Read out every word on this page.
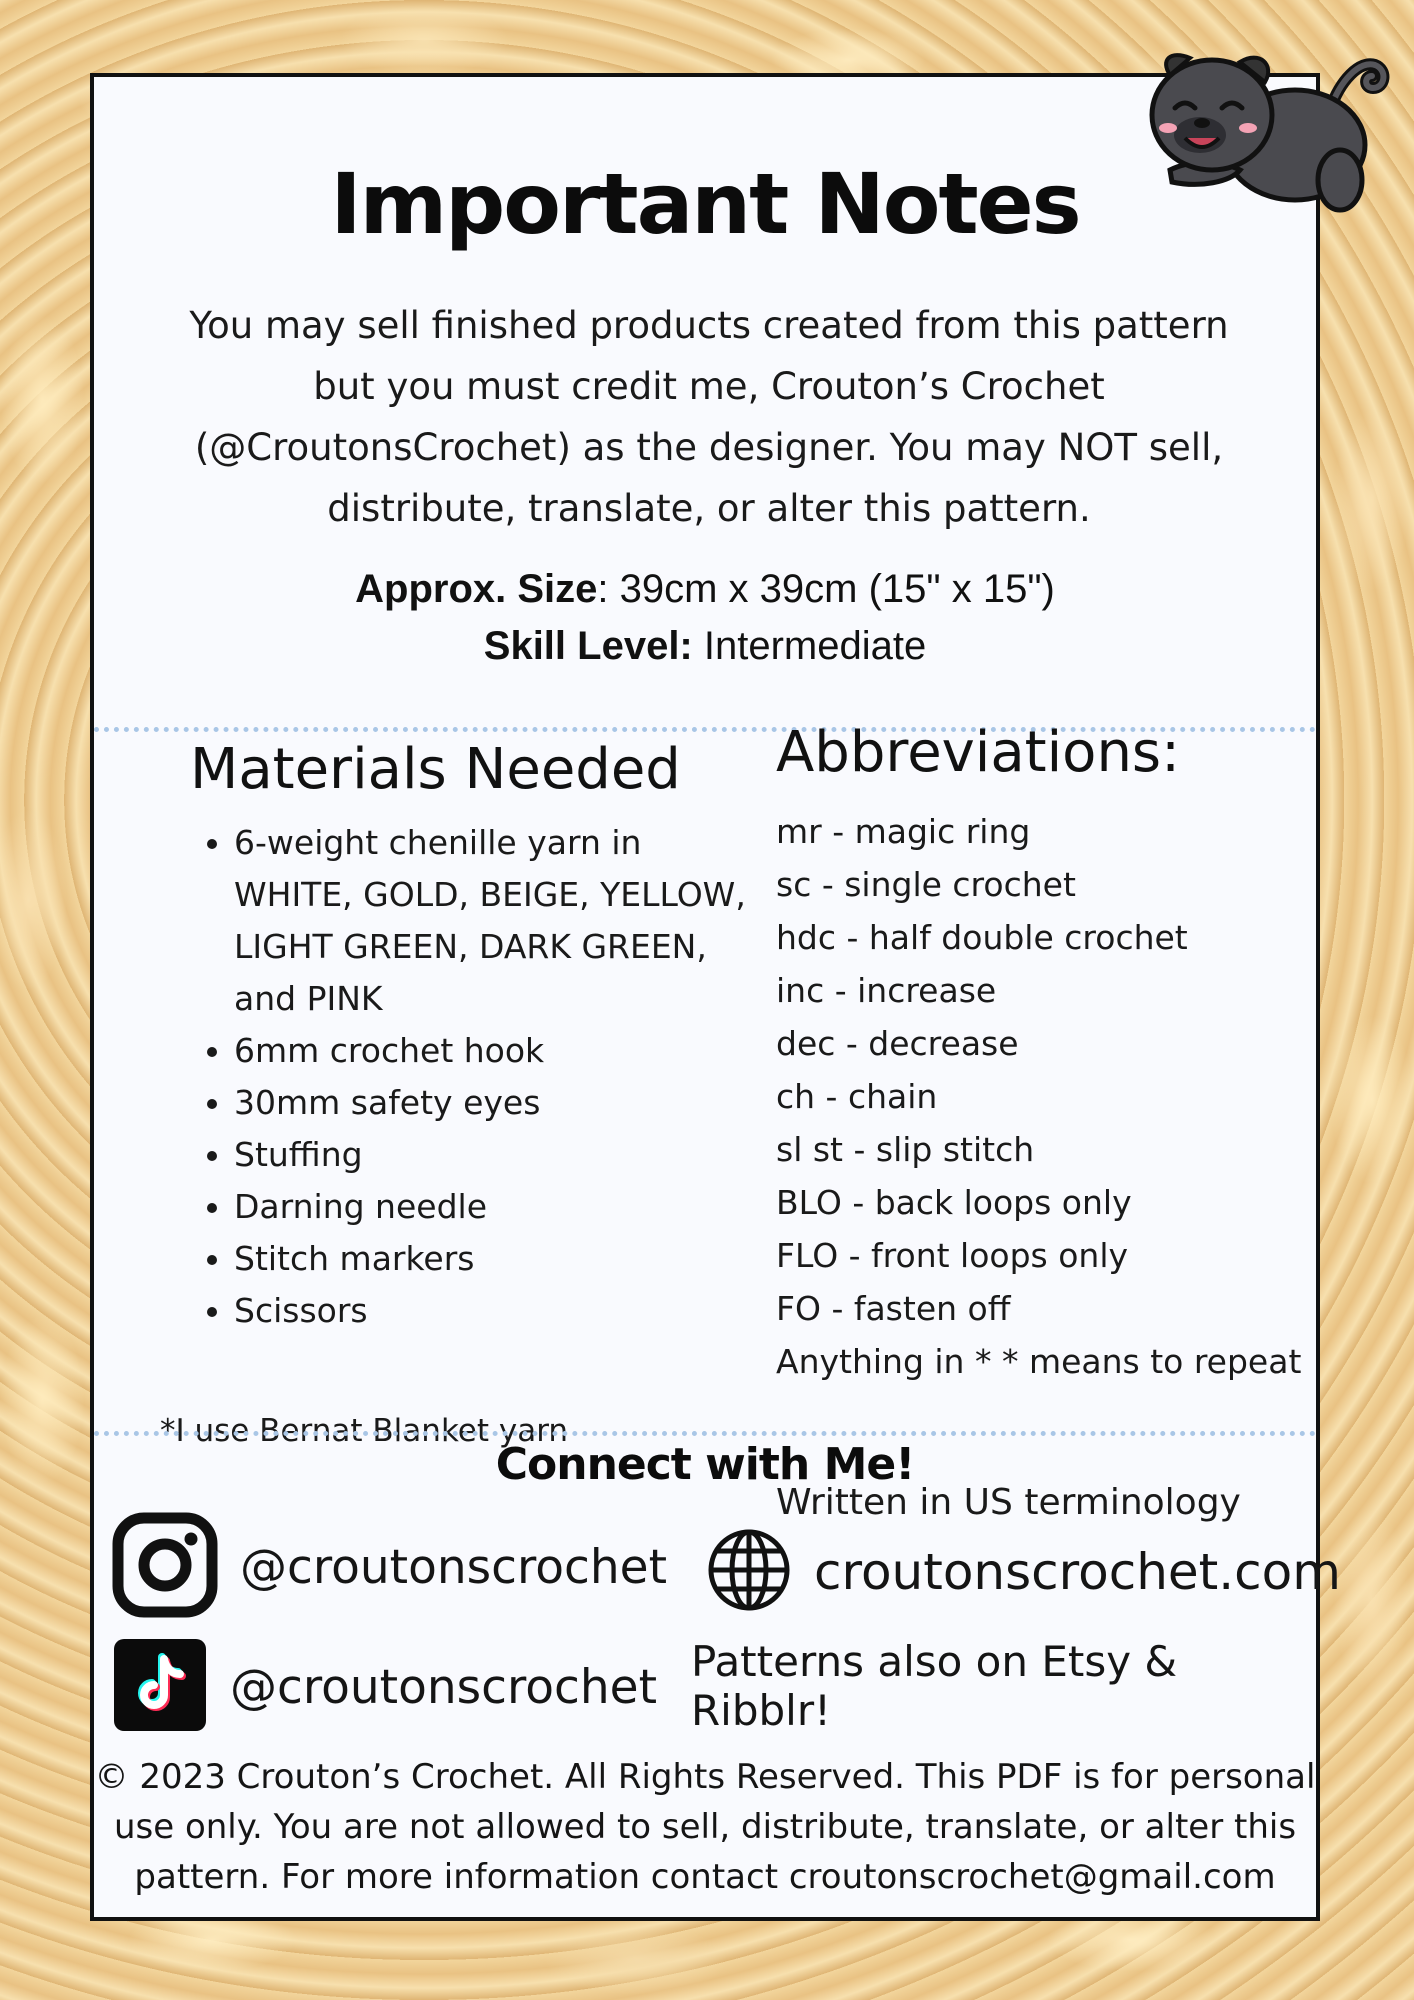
Important Notes
You may sell finished products created from this pattern
but you must credit me, Crouton’s Crochet
(@CroutonsCrochet) as the designer. You may NOT sell,
distribute, translate, or alter this pattern.
Approx. Size: 39cm x 39cm (15" x 15")
Skill Level: Intermediate
Materials Needed
• 6-weight chenille yarn in WHITE, GOLD, BEIGE, YELLOW, LIGHT GREEN, DARK GREEN, and PINK
• 6mm crochet hook
• 30mm safety eyes
• Stuffing
• Darning needle
• Stitch markers
• Scissors
*I use Bernat Blanket yarn
Abbreviations:
mr - magic ring
sc - single crochet
hdc - half double crochet
inc - increase
dec - decrease
ch - chain
sl st - slip stitch
BLO - back loops only
FLO - front loops only
FO - fasten off
Anything in * * means to repeat
Connect with Me!
Written in US terminology
@croutonscrochet
@croutonscrochet
croutonscrochet.com
Patterns also on Etsy & Ribblr!
© 2023 Crouton’s Crochet. All Rights Reserved. This PDF is for personal
use only. You are not allowed to sell, distribute, translate, or alter this
pattern. For more information contact croutonscrochet@gmail.com
